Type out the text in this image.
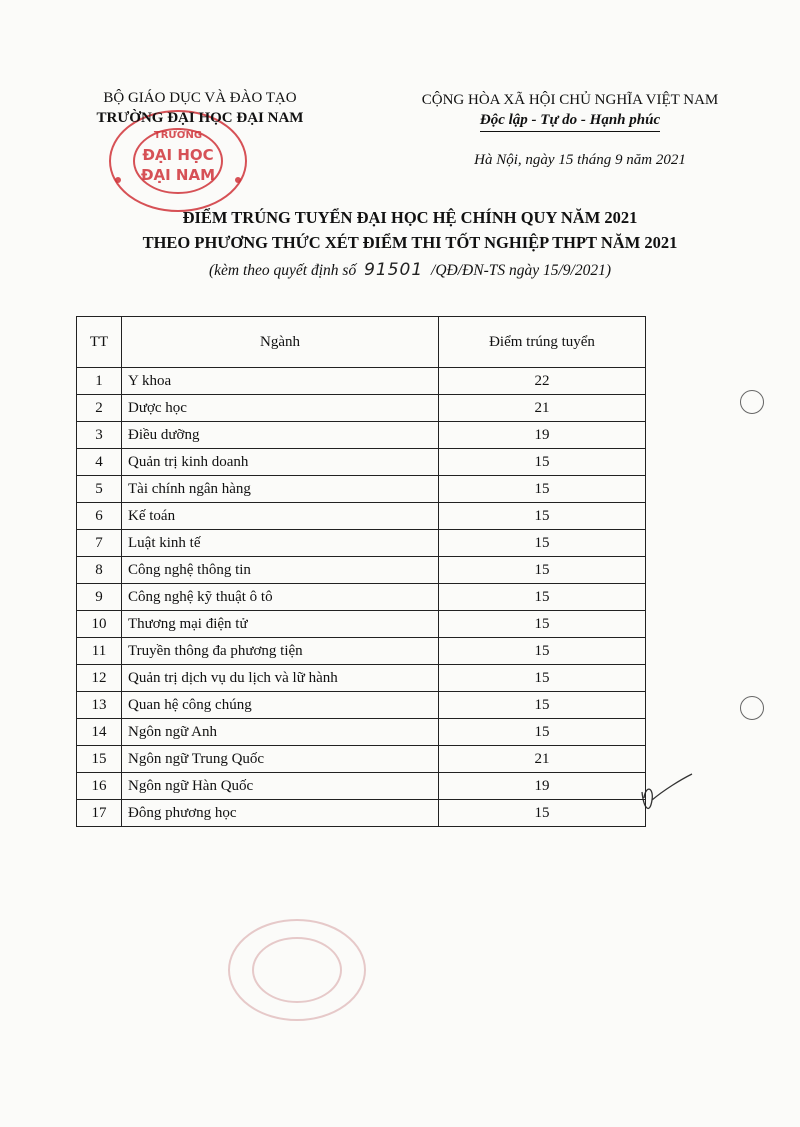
TRƯỜNG
ĐẠI HỌC
ĐẠI NAM
BỘ GIÁO DỤC VÀ ĐÀO TẠO
TRƯỜNG ĐẠI HỌC ĐẠI NAM
CỘNG HÒA XÃ HỘI CHỦ NGHĨA VIỆT NAM
Độc lập - Tự do - Hạnh phúc
Hà Nội, ngày 15 tháng 9 năm 2021
ĐIỂM TRÚNG TUYỂN ĐẠI HỌC HỆ CHÍNH QUY NĂM 2021
THEO PHƯƠNG THỨC XÉT ĐIỂM THI TỐT NGHIỆP THPT NĂM 2021
(kèm theo quyết định số 91501 /QĐ/ĐN-TS ngày 15/9/2021)
TT	Ngành	Điểm trúng tuyển
1	Y khoa	22
2	Dược học	21
3	Điều dưỡng	19
4	Quản trị kinh doanh	15
5	Tài chính ngân hàng	15
6	Kế toán	15
7	Luật kinh tế	15
8	Công nghệ thông tin	15
9	Công nghệ kỹ thuật ô tô	15
10	Thương mại điện tử	15
11	Truyền thông đa phương tiện	15
12	Quản trị dịch vụ du lịch và lữ hành	15
13	Quan hệ công chúng	15
14	Ngôn ngữ Anh	15
15	Ngôn ngữ Trung Quốc	21
16	Ngôn ngữ Hàn Quốc	19
17	Đông phương học	15
